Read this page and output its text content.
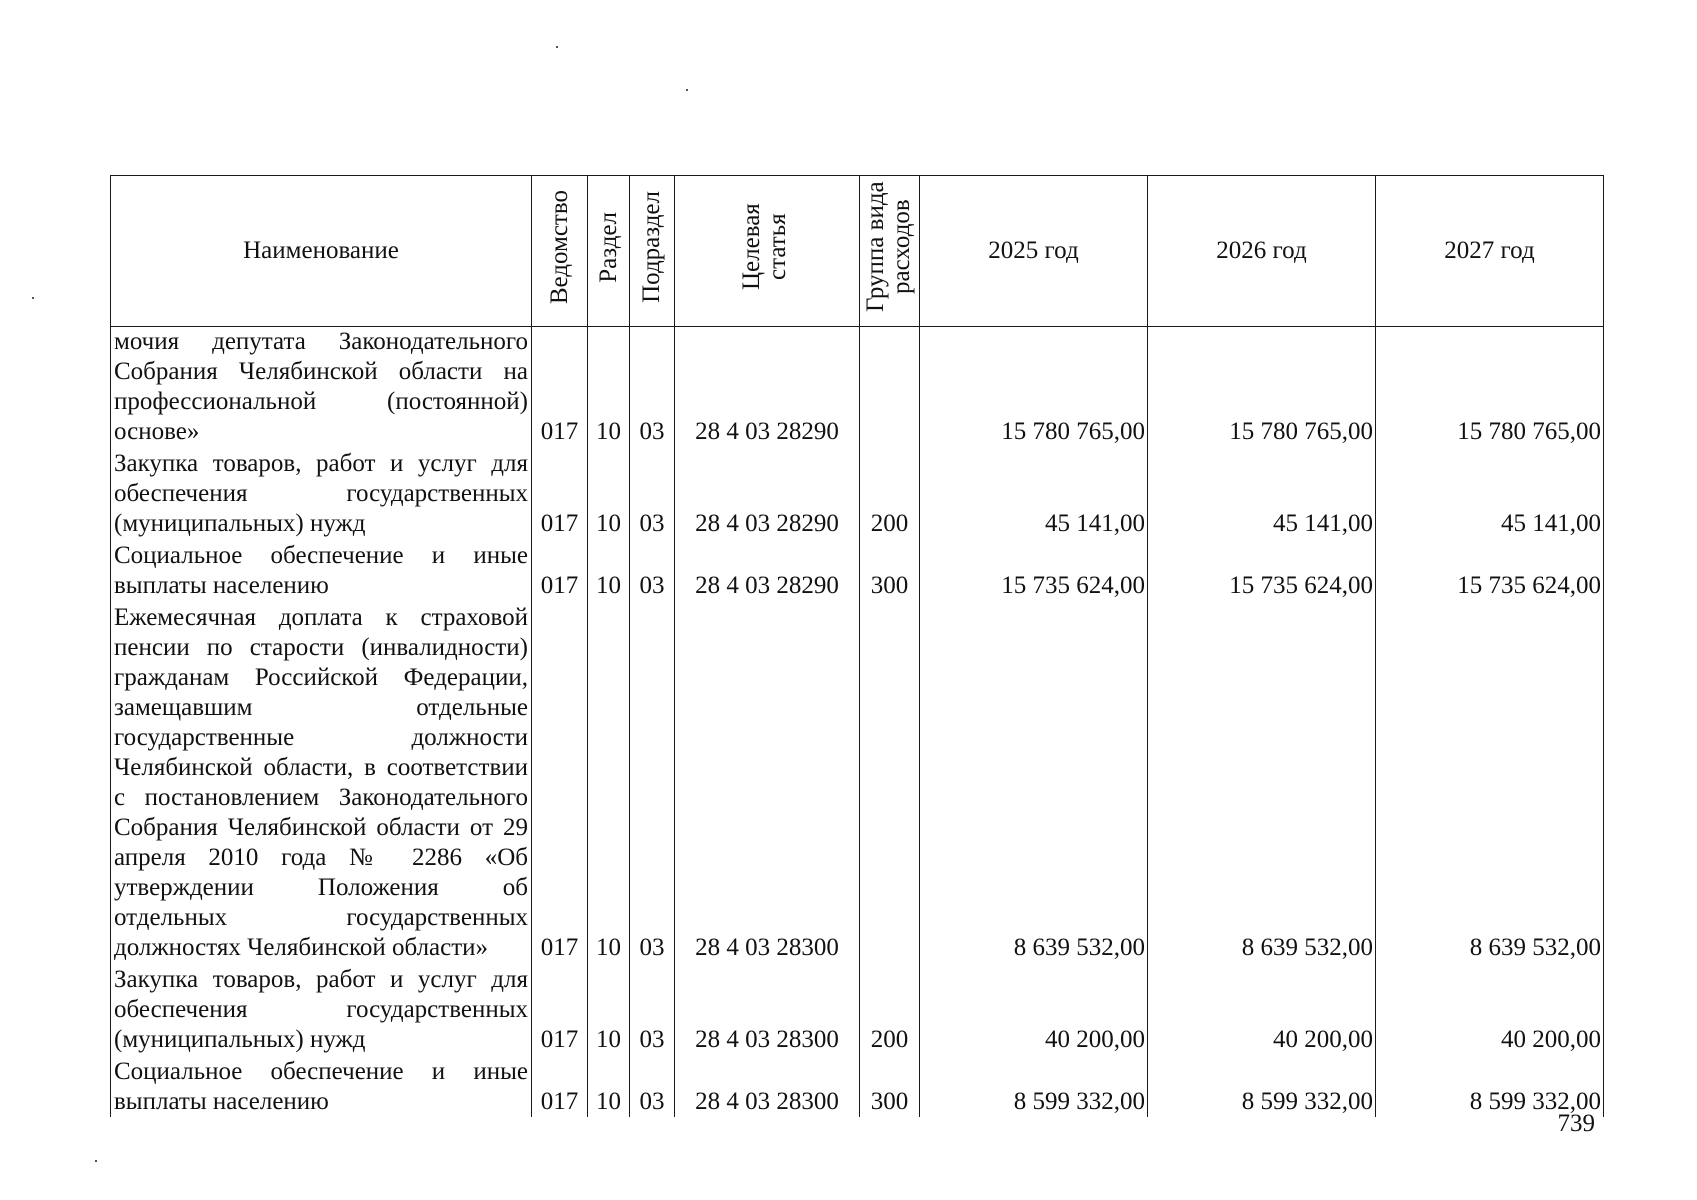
Наименование	Ведомство	Раздел	Подраздел	Целевая статья	Группа вида расходов	2025 год	2026 год	2027 год
мочия депутата Законодательного Собрания Челябинской области на профессиональной (постоянной) основе»	017	10	03	28 4 03 28290		15 780 765,00	15 780 765,00	15 780 765,00
Закупка товаров, работ и услуг для обеспечения государственных (муниципальных) нужд	017	10	03	28 4 03 28290	200	45 141,00	45 141,00	45 141,00
Социальное обеспечение и иные выплаты населению	017	10	03	28 4 03 28290	300	15 735 624,00	15 735 624,00	15 735 624,00
Ежемесячная доплата к страховой пенсии по старости (инвалидности) гражданам Российской Федерации, замещавшим отдельные государственные должности Челябинской области, в соответствии с постановлением Законодательного Собрания Челябинской области от 29 апреля 2010 года № 2286 «Об утверждении Положения об отдельных государственных должностях Челябинской области»	017	10	03	28 4 03 28300		8 639 532,00	8 639 532,00	8 639 532,00
Закупка товаров, работ и услуг для обеспечения государственных (муниципальных) нужд	017	10	03	28 4 03 28300	200	40 200,00	40 200,00	40 200,00
Социальное обеспечение и иные выплаты населению	017	10	03	28 4 03 28300	300	8 599 332,00	8 599 332,00	8 599 332,00
739
